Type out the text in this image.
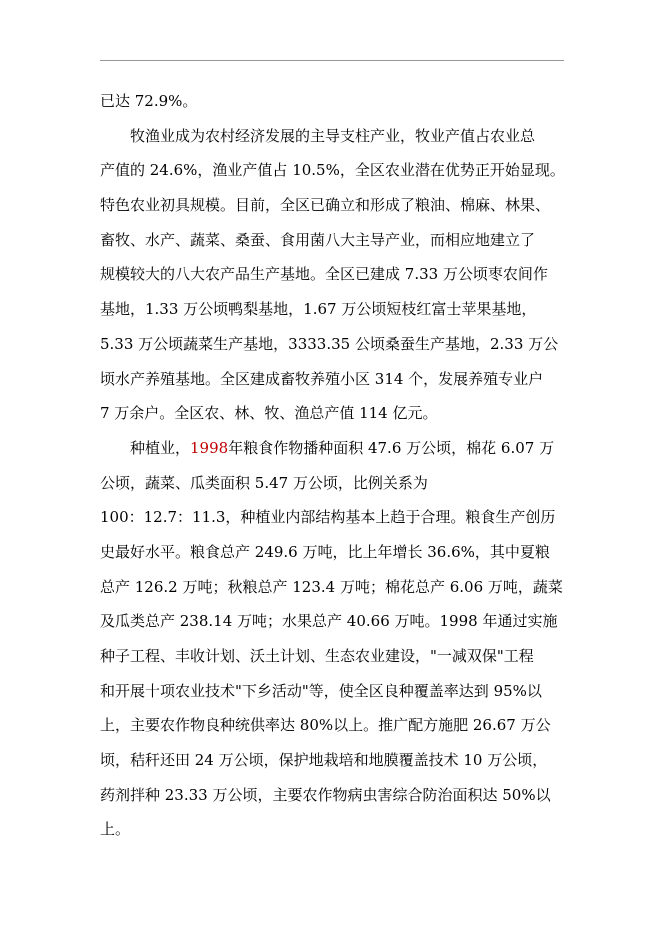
已达 72.9%。
　　牧渔业成为农村经济发展的主导支柱产业，牧业产值占农业总
产值的 24.6%，渔业产值占 10.5%，全区农业潜在优势正开始显现。
特色农业初具规模。目前，全区已确立和形成了粮油、棉麻、林果、
畜牧、水产、蔬菜、桑蚕、食用菌八大主导产业，而相应地建立了
规模较大的八大农产品生产基地。全区已建成 7.33 万公顷枣农间作
基地，1.33 万公顷鸭梨基地，1.67 万公顷短枝红富士苹果基地，
5.33 万公顷蔬菜生产基地，3333.35 公顷桑蚕生产基地，2.33 万公
顷水产养殖基地。全区建成畜牧养殖小区 314 个，发展养殖专业户
7 万余户。全区农、林、牧、渔总产值 114 亿元。
　　种植业，1998年粮食作物播种面积 47.6 万公顷，棉花 6.07 万
公顷，蔬菜、瓜类面积 5.47 万公顷，比例关系为
100：12.7：11.3，种植业内部结构基本上趋于合理。粮食生产创历
史最好水平。粮食总产 249.6 万吨，比上年增长 36.6%，其中夏粮
总产 126.2 万吨；秋粮总产 123.4 万吨；棉花总产 6.06 万吨，蔬菜
及瓜类总产 238.14 万吨；水果总产 40.66 万吨。1998 年通过实施
种子工程、丰收计划、沃土计划、生态农业建设，"一减双保"工程
和开展十项农业技术"下乡活动"等，使全区良种覆盖率达到 95%以
上，主要农作物良种统供率达 80%以上。推广配方施肥 26.67 万公
顷，秸秆还田 24 万公顷，保护地栽培和地膜覆盖技术 10 万公顷，
药剂拌种 23.33 万公顷，主要农作物病虫害综合防治面积达 50%以
上。
